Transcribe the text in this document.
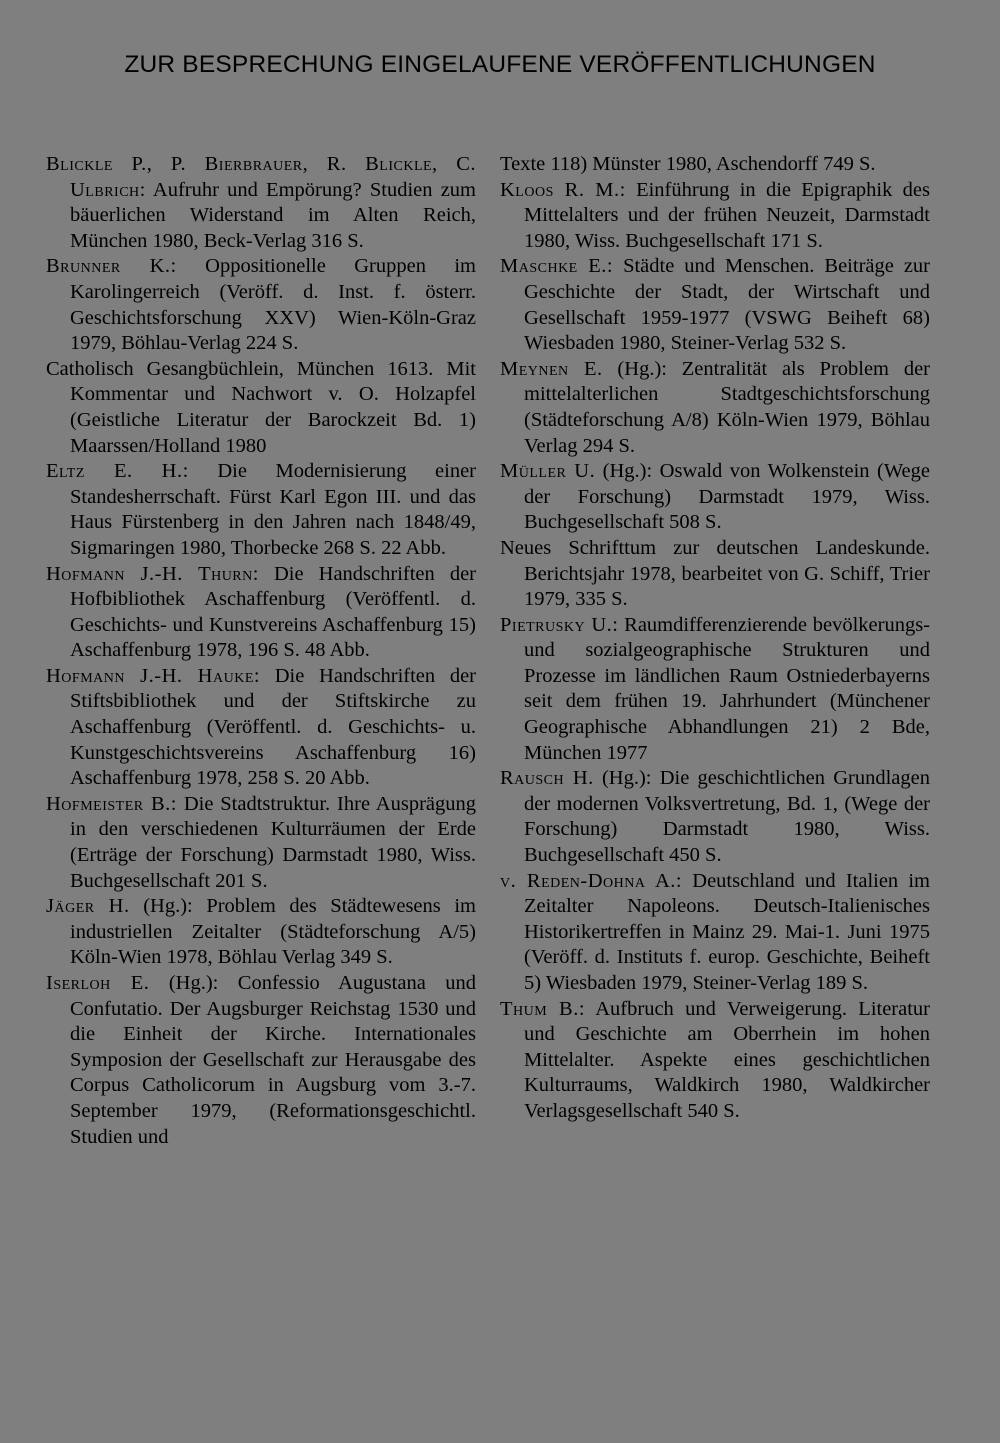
ZUR BESPRECHUNG EINGELAUFENE VERÖFFENTLICHUNGEN

Blickle P., P. Bierbrauer, R. Blickle, C. Ulbrich: Aufruhr und Empörung? Studien zum bäuerlichen Widerstand im Alten Reich, München 1980, Beck-Verlag 316 S.

Brunner K.: Oppositionelle Gruppen im Karolingerreich (Veröff. d. Inst. f. österr. Geschichtsforschung XXV) Wien-Köln-Graz 1979, Böhlau-Verlag 224 S.

Catholisch Gesangbüchlein, München 1613. Mit Kommentar und Nachwort v. O. Holzapfel (Geistliche Literatur der Barockzeit Bd. 1) Maarssen/Holland 1980

Eltz E. H.: Die Modernisierung einer Standesherrschaft. Fürst Karl Egon III. und das Haus Fürstenberg in den Jahren nach 1848/49, Sigmaringen 1980, Thorbecke 268 S. 22 Abb.

Hofmann J.-H. Thurn: Die Handschriften der Hofbibliothek Aschaffenburg (Veröffentl. d. Geschichts- und Kunstvereins Aschaffenburg 15) Aschaffenburg 1978, 196 S. 48 Abb.

Hofmann J.-H. Hauke: Die Handschriften der Stiftsbibliothek und der Stiftskirche zu Aschaffenburg (Veröffentl. d. Geschichts- u. Kunstgeschichtsvereins Aschaffenburg 16) Aschaffenburg 1978, 258 S. 20 Abb.

Hofmeister B.: Die Stadtstruktur. Ihre Ausprägung in den verschiedenen Kulturräumen der Erde (Erträge der Forschung) Darmstadt 1980, Wiss. Buchgesellschaft 201 S.

Jäger H. (Hg.): Problem des Städtewesens im industriellen Zeitalter (Städteforschung A/5) Köln-Wien 1978, Böhlau Verlag 349 S.

Iserloh E. (Hg.): Confessio Augustana und Confutatio. Der Augsburger Reichstag 1530 und die Einheit der Kirche. Internationales Symposion der Gesellschaft zur Herausgabe des Corpus Catholicorum in Augsburg vom 3.-7. September 1979, (Reformationsgeschichtl. Studien und

Texte 118) Münster 1980, Aschendorff 749 S.

Kloos R. M.: Einführung in die Epigraphik des Mittelalters und der frühen Neuzeit, Darmstadt 1980, Wiss. Buchgesellschaft 171 S.

Maschke E.: Städte und Menschen. Beiträge zur Geschichte der Stadt, der Wirtschaft und Gesellschaft 1959-1977 (VSWG Beiheft 68) Wiesbaden 1980, Steiner-Verlag 532 S.

Meynen E. (Hg.): Zentralität als Problem der mittelalterlichen Stadtgeschichtsforschung (Städteforschung A/8) Köln-Wien 1979, Böhlau Verlag 294 S.

Müller U. (Hg.): Oswald von Wolkenstein (Wege der Forschung) Darmstadt 1979, Wiss. Buchgesellschaft 508 S.

Neues Schrifttum zur deutschen Landeskunde. Berichtsjahr 1978, bearbeitet von G. Schiff, Trier 1979, 335 S.

Pietrusky U.: Raumdifferenzierende bevölkerungs- und sozialgeographische Strukturen und Prozesse im ländlichen Raum Ostniederbayerns seit dem frühen 19. Jahrhundert (Münchener Geographische Abhandlungen 21) 2 Bde, München 1977

Rausch H. (Hg.): Die geschichtlichen Grundlagen der modernen Volksvertretung, Bd. 1, (Wege der Forschung) Darmstadt 1980, Wiss. Buchgesellschaft 450 S.

v. Reden-Dohna A.: Deutschland und Italien im Zeitalter Napoleons. Deutsch-Italienisches Historikertreffen in Mainz 29. Mai-1. Juni 1975 (Veröff. d. Instituts f. europ. Geschichte, Beiheft 5) Wiesbaden 1979, Steiner-Verlag 189 S.

Thum B.: Aufbruch und Verweigerung. Literatur und Geschichte am Oberrhein im hohen Mittelalter. Aspekte eines geschichtlichen Kulturraums, Waldkirch 1980, Waldkircher Verlagsgesellschaft 540 S.
